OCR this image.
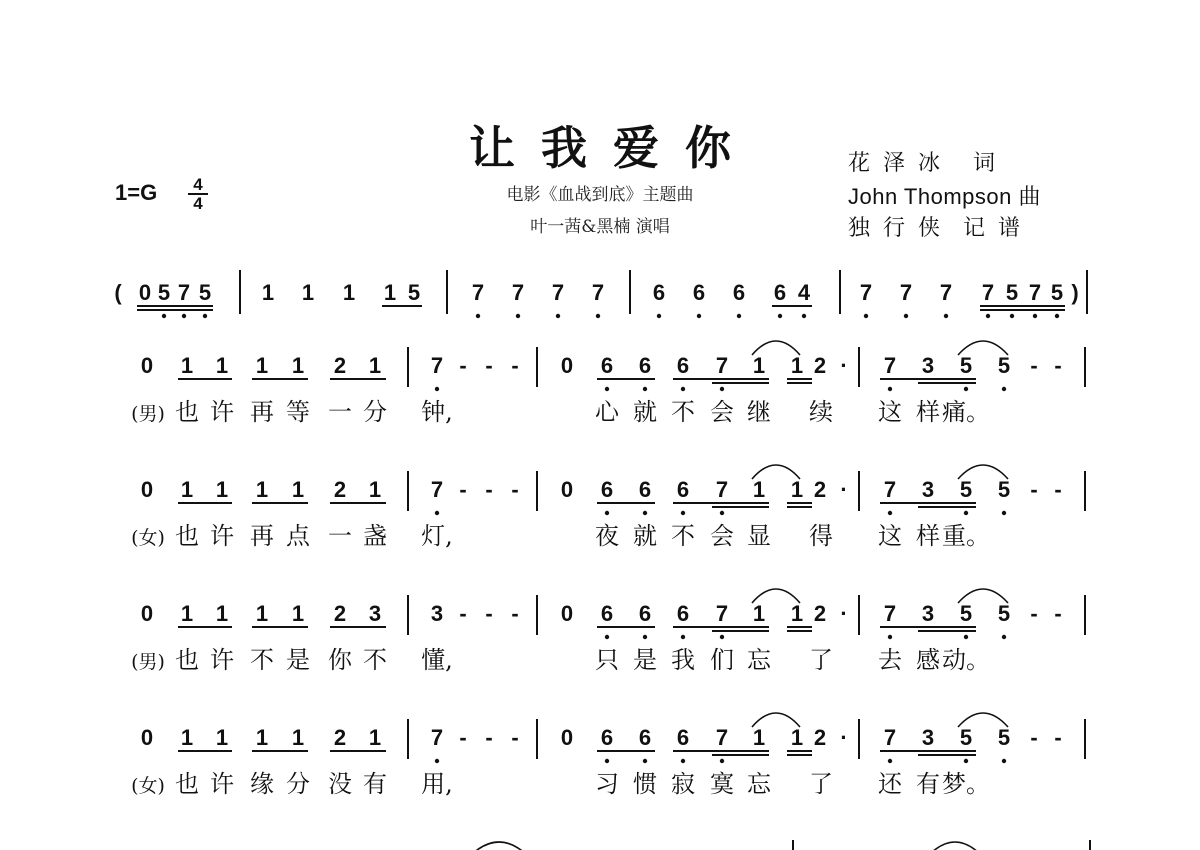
让我爱你
1=G	4
4	电影《血战到底》主题曲
叶一茜&黑楠 演唱
花 泽 冰   词
John Thompson 曲
独 行 侠  记 谱
( 0 5 7 5 1 1 1 1 5 7 7 7 7 6 6 6 6 4 7 7 7 7 5 7 5 )
0 1 1 1 1 2 1 7 - - - 0 6 6 6 7 1 1 2 · 7 3 5 5 - -
(男) 也 许 再 等 一 分 钟,	心 就 不 会 继 续 这 样 痛。
0 1 1 1 1 2 1 7 - - - 0 6 6 6 7 1 1 2 · 7 3 5 5 - -
(女) 也 许 再 点 一 盏 灯,	夜 就 不 会 显 得 这 样 重。
0 1 1 1 1 2 3 3 - - - 0 6 6 6 7 1 1 2 · 7 3 5 5 - -
(男) 也 许 不 是 你 不 懂,	只 是 我 们 忘 了 去 感 动。
0 1 1 1 1 2 1 7 - - - 0 6 6 6 7 1 1 2 · 7 3 5 5 - -
(女) 也 许 缘 分 没 有 用,	习 惯 寂 寞 忘 了 还 有 梦。
